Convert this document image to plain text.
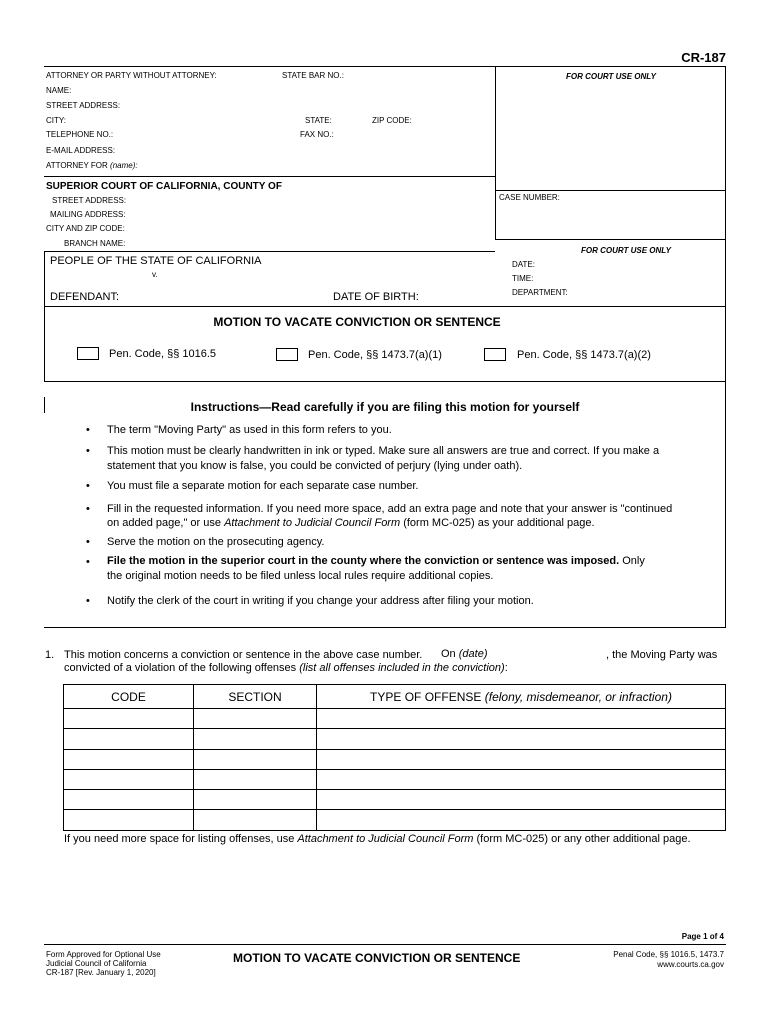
CR-187
ATTORNEY OR PARTY WITHOUT ATTORNEY:	STATE BAR NO.:	FOR COURT USE ONLY
NAME:
STREET ADDRESS:
CITY:	STATE:	ZIP CODE:
TELEPHONE NO.:	FAX NO.:
E-MAIL ADDRESS:
ATTORNEY FOR (name):
SUPERIOR COURT OF CALIFORNIA, COUNTY OF
STREET ADDRESS:
MAILING ADDRESS:
CITY AND ZIP CODE:
BRANCH NAME:
CASE NUMBER:
FOR COURT USE ONLY
PEOPLE OF THE STATE OF CALIFORNIA
v.
DEFENDANT:	DATE OF BIRTH:
DATE:
TIME:
DEPARTMENT:
MOTION TO VACATE CONVICTION OR SENTENCE
Pen. Code, §§ 1016.5	Pen. Code, §§ 1473.7(a)(1)	Pen. Code, §§ 1473.7(a)(2)
Instructions—Read carefully if you are filing this motion for yourself
• The term "Moving Party" as used in this form refers to you.
• This motion must be clearly handwritten in ink or typed. Make sure all answers are true and correct. If you make a
statement that you know is false, you could be convicted of perjury (lying under oath).
• You must file a separate motion for each separate case number.
• Fill in the requested information. If you need more space, add an extra page and note that your answer is "continued
on added page," or use Attachment to Judicial Council Form (form MC-025) as your additional page.
• Serve the motion on the prosecuting agency.
• File the motion in the superior court in the county where the conviction or sentence was imposed. Only
the original motion needs to be filed unless local rules require additional copies.
• Notify the clerk of the court in writing if you change your address after filing your motion.
1. This motion concerns a conviction or sentence in the above case number. On (date)	, the Moving Party was
convicted of a violation of the following offenses (list all offenses included in the conviction):
CODE	SECTION	TYPE OF OFFENSE (felony, misdemeanor, or infraction)

If you need more space for listing offenses, use Attachment to Judicial Council Form (form MC-025) or any other additional page.
Page 1 of 4
Form Approved for Optional Use
Judicial Council of California
CR-187 [Rev. January 1, 2020]
MOTION TO VACATE CONVICTION OR SENTENCE	Penal Code, §§ 1016.5, 1473.7
www.courts.ca.gov
